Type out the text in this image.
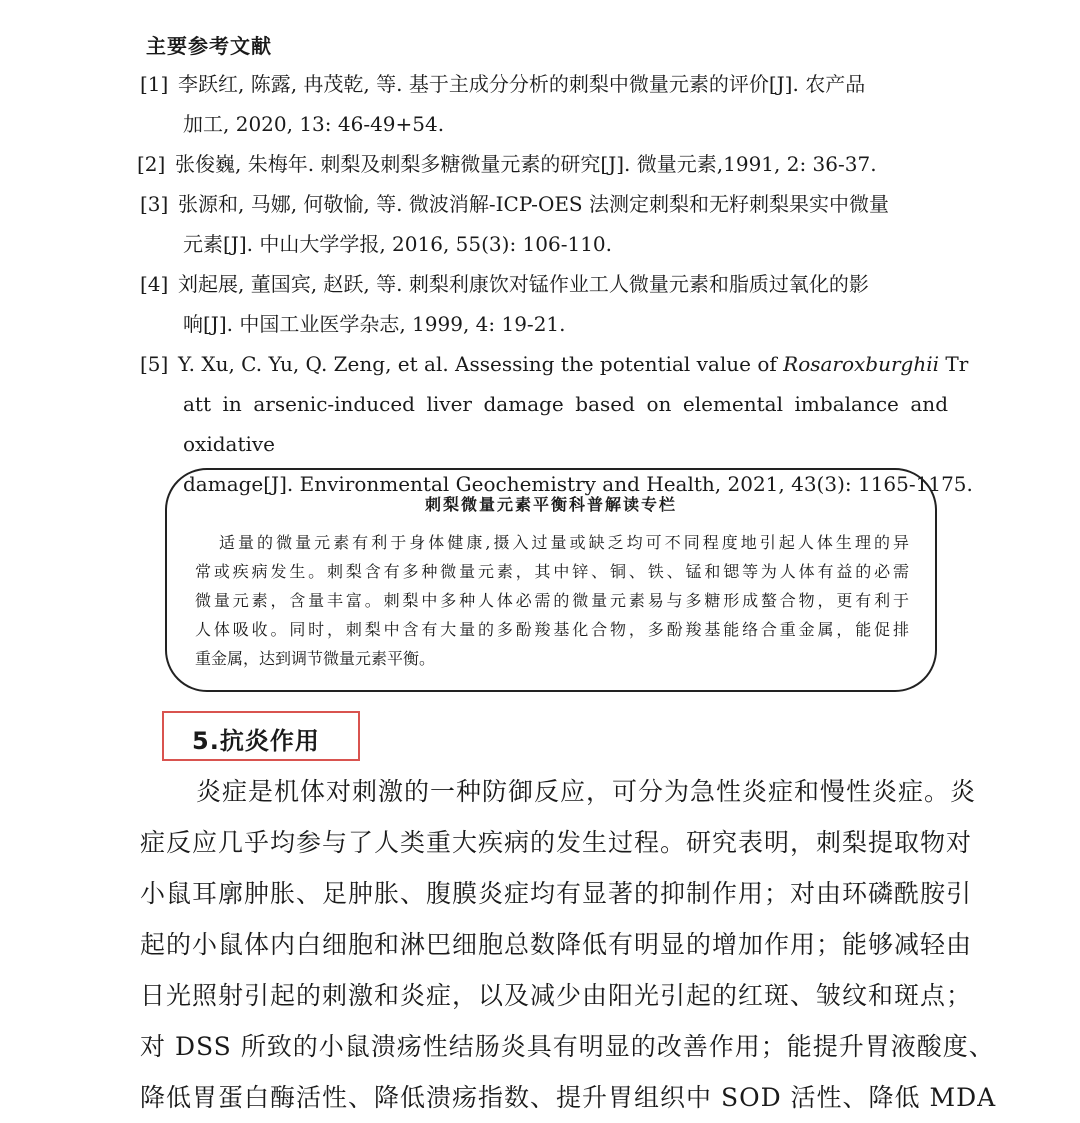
主要参考文献
[1] 李跃红, 陈露, 冉茂乾, 等. 基于主成分分析的刺梨中微量元素的评价[J]. 农产品
加工, 2020, 13: 46-49+54.
[2] 张俊巍, 朱梅年. 刺梨及刺梨多糖微量元素的研究[J]. 微量元素,1991, 2: 36-37.
[3] 张源和, 马娜, 何敬愉, 等. 微波消解-ICP-OES 法测定刺梨和无籽刺梨果实中微量
元素[J]. 中山大学学报, 2016, 55(3): 106-110.
[4] 刘起展, 董国宾, 赵跃, 等. 刺梨利康饮对锰作业工人微量元素和脂质过氧化的影
响[J]. 中国工业医学杂志, 1999, 4: 19-21.
[5] Y. Xu, C. Yu, Q. Zeng, et al. Assessing the potential value of Rosaroxburghii Tr
att in arsenic-induced liver damage based on elemental imbalance and oxidative
damage[J]. Environmental Geochemistry and Health, 2021, 43(3): 1165-1175.
刺梨微量元素平衡科普解读专栏
适量的微量元素有利于身体健康,摄入过量或缺乏均可不同程度地引起人体生理的异
常或疾病发生。刺梨含有多种微量元素，其中锌、铜、铁、锰和锶等为人体有益的必需
微量元素，含量丰富。刺梨中多种人体必需的微量元素易与多糖形成螯合物，更有利于
人体吸收。同时，刺梨中含有大量的多酚羧基化合物，多酚羧基能络合重金属，能促排
重金属，达到调节微量元素平衡。
5.抗炎作用
炎症是机体对刺激的一种防御反应，可分为急性炎症和慢性炎症。炎
症反应几乎均参与了人类重大疾病的发生过程。研究表明，刺梨提取物对
小鼠耳廓肿胀、足肿胀、腹膜炎症均有显著的抑制作用；对由环磷酰胺引
起的小鼠体内白细胞和淋巴细胞总数降低有明显的增加作用；能够减轻由
日光照射引起的刺激和炎症，以及减少由阳光引起的红斑、皱纹和斑点；
对 DSS 所致的小鼠溃疡性结肠炎具有明显的改善作用；能提升胃液酸度、
降低胃蛋白酶活性、降低溃疡指数、提升胃组织中 SOD 活性、降低 MDA
